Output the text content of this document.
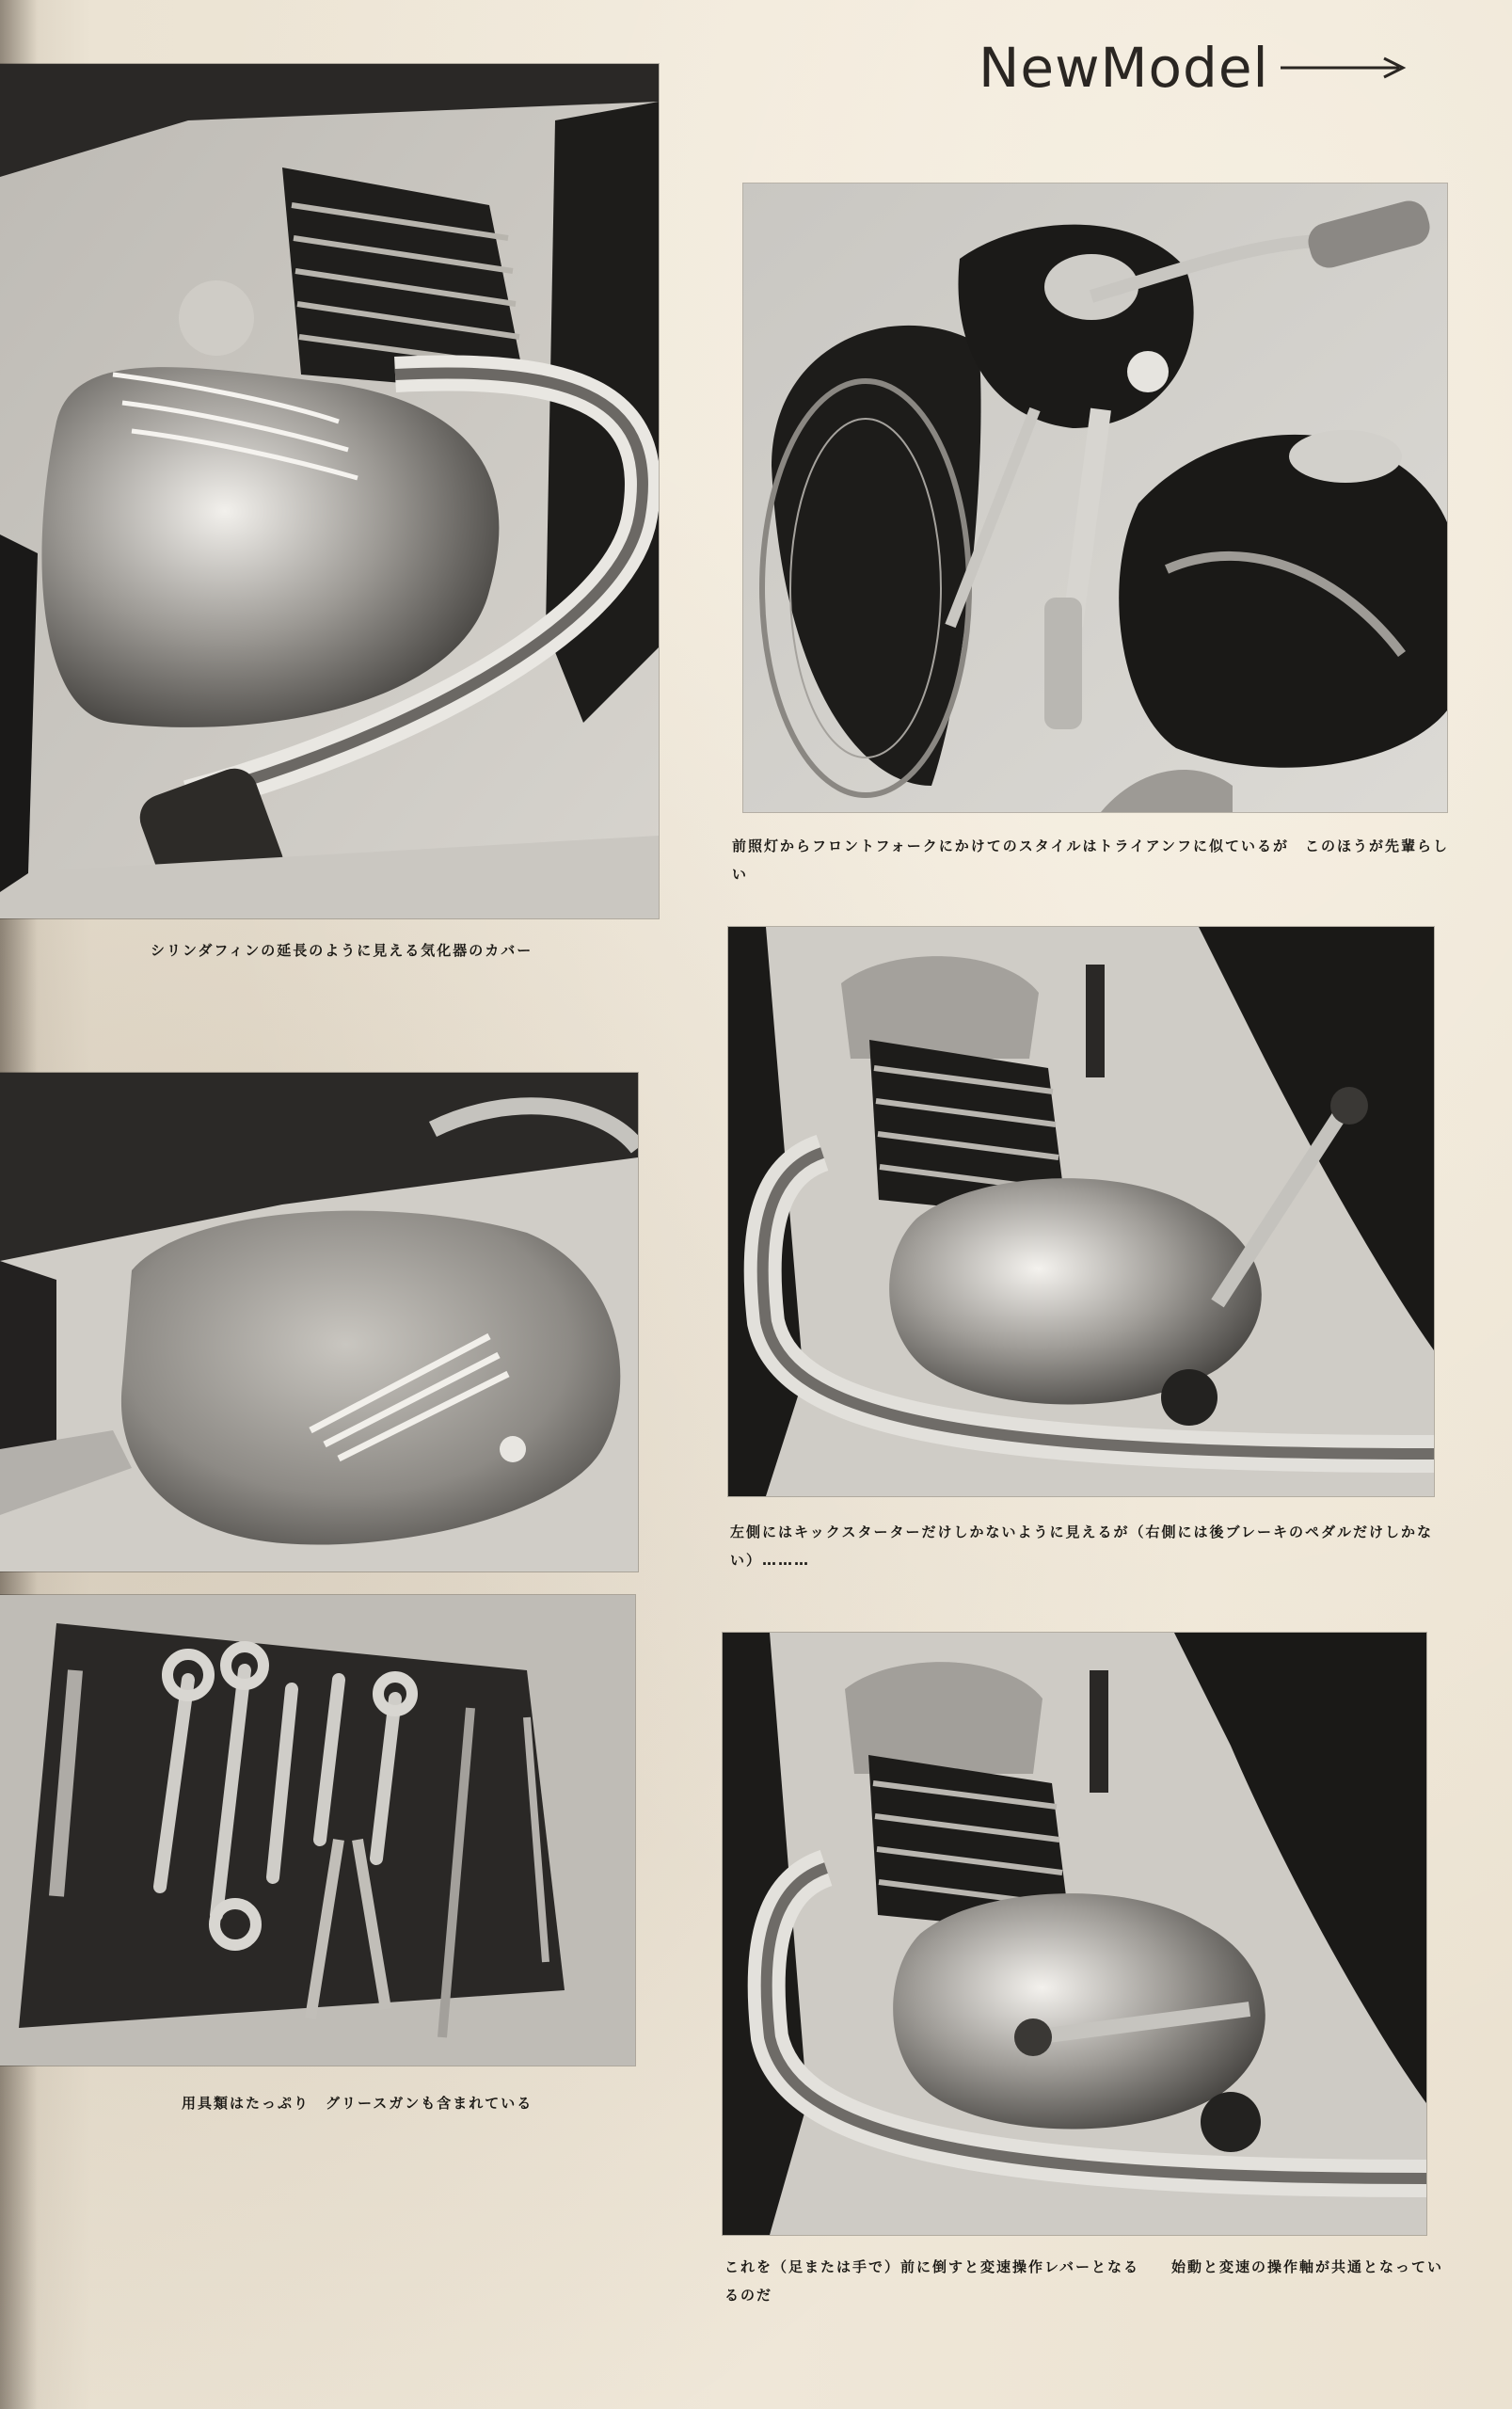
NewModel
前照灯からフロントフォークにかけてのスタイルはトライアンフに似ているが　このほうが先輩らしい
シリンダフィンの延長のように見える気化器のカバー
左側にはキックスターターだけしかないように見えるが（右側には後ブレーキのペダルだけしかない）………
用具類はたっぷり　グリースガンも含まれている
これを（足または手で）前に倒すと変速操作レバーとなる　　始動と変速の操作軸が共通となっているのだ
